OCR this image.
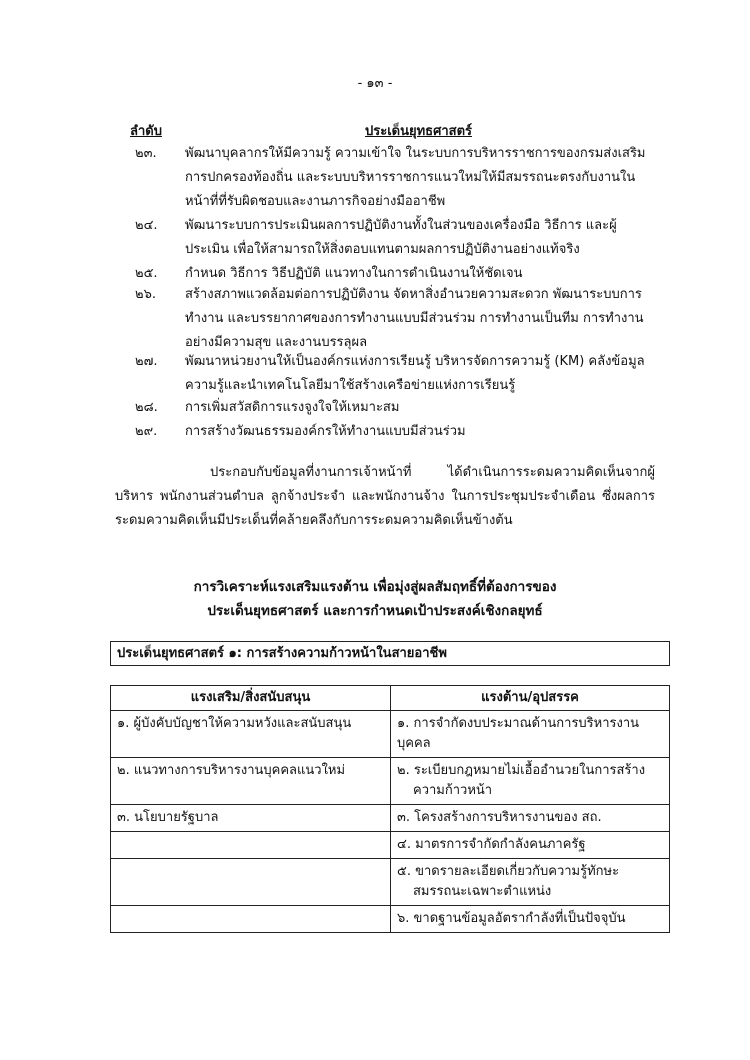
- ๑๓ -
ลำดับ	ประเด็นยุทธศาสตร์
๒๓. พัฒนาบุคลากรให้มีความรู้ ความเข้าใจ ในระบบการบริหารราชการของกรมส่งเสริมการปกครองท้องถิ่น และระบบบริหารราชการแนวใหม่ให้มีสมรรถนะตรงกับงานในหน้าที่ที่รับผิดชอบและงานภารกิจอย่างมืออาชีพ
๒๔. พัฒนาระบบการประเมินผลการปฏิบัติงานทั้งในส่วนของเครื่องมือ วิธีการ และผู้ประเมิน เพื่อให้สามารถให้สิ่งตอบแทนตามผลการปฏิบัติงานอย่างแท้จริง
๒๕. กำหนด วิธีการ วิธีปฏิบัติ แนวทางในการดำเนินงานให้ชัดเจน
๒๖. สร้างสภาพแวดล้อมต่อการปฏิบัติงาน จัดหาสิ่งอำนวยความสะดวก พัฒนาระบบการทำงาน และบรรยากาศของการทำงานแบบมีส่วนร่วม การทำงานเป็นทีม การทำงานอย่างมีความสุข และงานบรรลุผล
๒๗. พัฒนาหน่วยงานให้เป็นองค์กรแห่งการเรียนรู้ บริหารจัดการความรู้ (KM) คลังข้อมูลความรู้และนำเทคโนโลยีมาใช้สร้างเครือข่ายแห่งการเรียนรู้
๒๘. การเพิ่มสวัสดิการแรงจูงใจให้เหมาะสม
๒๙. การสร้างวัฒนธรรมองค์กรให้ทำงานแบบมีส่วนร่วม
ประกอบกับข้อมูลที่งานการเจ้าหน้าที่ ได้ดำเนินการระดมความคิดเห็นจากผู้บริหาร พนักงานส่วนตำบล ลูกจ้างประจำ และพนักงานจ้าง ในการประชุมประจำเดือน ซึ่งผลการระดมความคิดเห็นมีประเด็นที่คล้ายคลึงกับการระดมความคิดเห็นข้างต้น
การวิเคราะห์แรงเสริมแรงต้าน เพื่อมุ่งสู่ผลสัมฤทธิ์ที่ต้องการของ
ประเด็นยุทธศาสตร์ และการกำหนดเป้าประสงค์เชิงกลยุทธ์
ประเด็นยุทธศาสตร์ ๑: การสร้างความก้าวหน้าในสายอาชีพ
แรงเสริม/สิ่งสนับสนุน	แรงต้าน/อุปสรรค
๑. ผู้บังคับบัญชาให้ความหวังและสนับสนุน	๑. การจำกัดงบประมาณด้านการบริหารงานบุคคล
๒. แนวทางการบริหารงานบุคคลแนวใหม่	๒. ระเบียบกฎหมายไม่เอื้ออำนวยในการสร้าง
ความก้าวหน้า

๓. นโยบายรัฐบาล	๓. โครงสร้างการบริหารงานของ สถ.
	๔. มาตรการจำกัดกำลังคนภาครัฐ
	๕. ขาดรายละเอียดเกี่ยวกับความรู้ทักษะ
สมรรถนะเฉพาะตำแหน่ง

	๖. ขาดฐานข้อมูลอัตรากำลังที่เป็นปัจจุบัน
